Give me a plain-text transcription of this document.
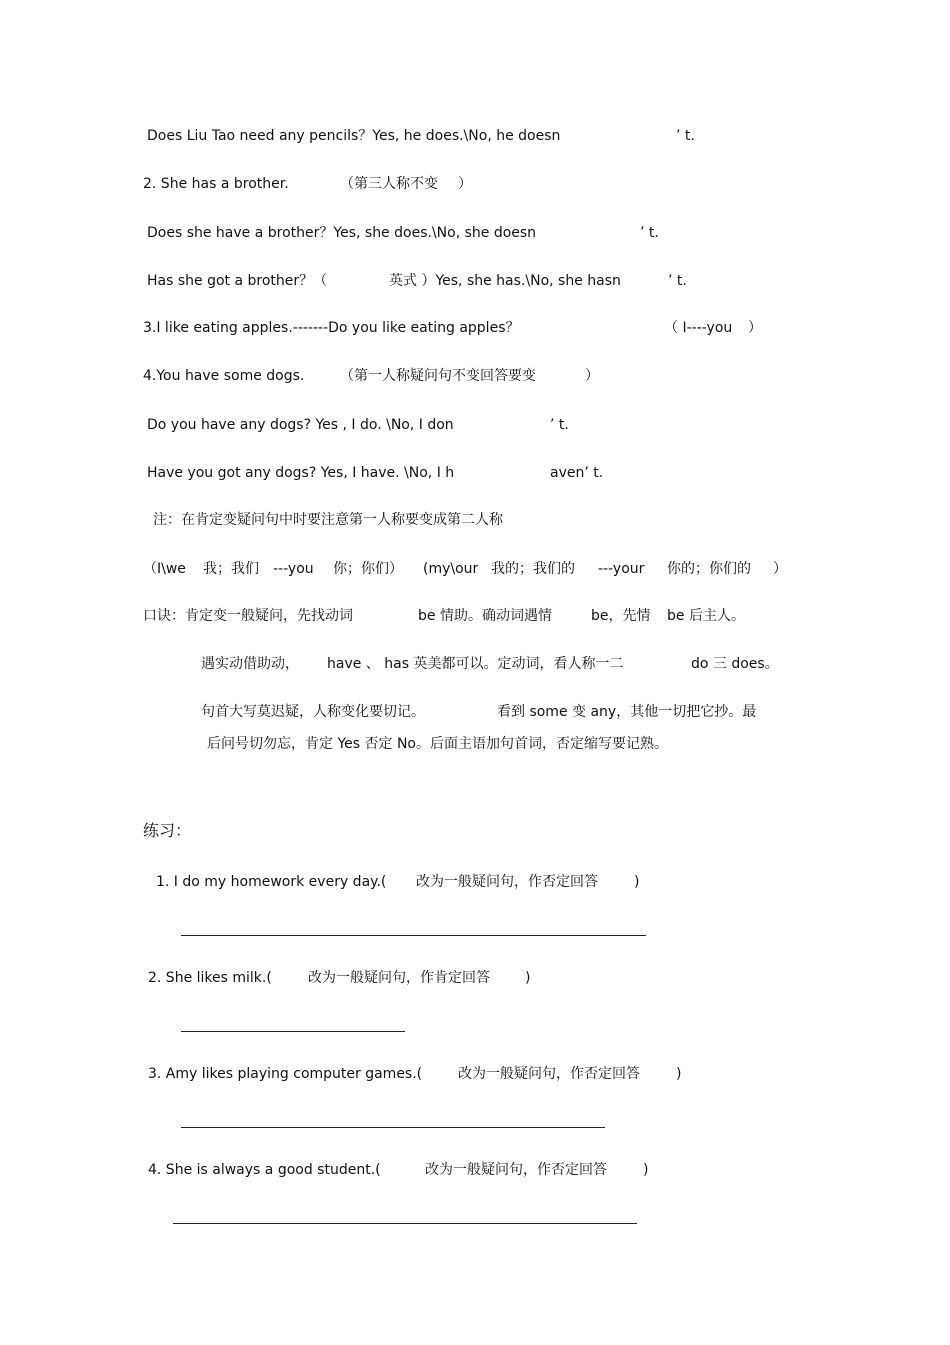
Does Liu Tao need any pencils？Yes, he does.\No, he doesn	’ t.
2. She has a brother.	（第三人称不变 ）
Does she have a brother？Yes, she does.\No, she doesn	’ t.
Has she got a brother？（	英式 ）Yes, she has.\No, she hasn	’ t.
3.I like eating apples.-------Do you like eating apples？	（ I----you ）
4.You have some dogs.	（第一人称疑问句不变回答要变	）
Do you have any dogs? Yes , I do. \No, I don	’ t.
Have you got any dogs? Yes, I have. \No, I h	aven’ t.
注：在肯定变疑问句中时要注意第一人称要变成第二人称
（I\we 我；我们 ---you 你；你们） (my\our 我的；我们的 ---your 你的；你们的 ）
口诀：肯定变一般疑问，先找动词	be 情助。确动词遇情	be，先情 be 后主人。
遇实动借助动， have 、 has 英美都可以。定动词，看人称一二	do 三 does。
句首大写莫迟疑，人称变化要切记。	看到 some 变 any，其他一切把它抄。最
后问号切勿忘，肯定 Yes 否定 No。后面主语加句首词，否定缩写要记熟。
练习：
1. I do my homework every day.( 改为一般疑问句，作否定回答	)
2. She likes milk.(	改为一般疑问句，作肯定回答	)
3. Amy likes playing computer games.(	改为一般疑问句，作否定回答	)
4. She is always a good student.(	改为一般疑问句，作否定回答	)
